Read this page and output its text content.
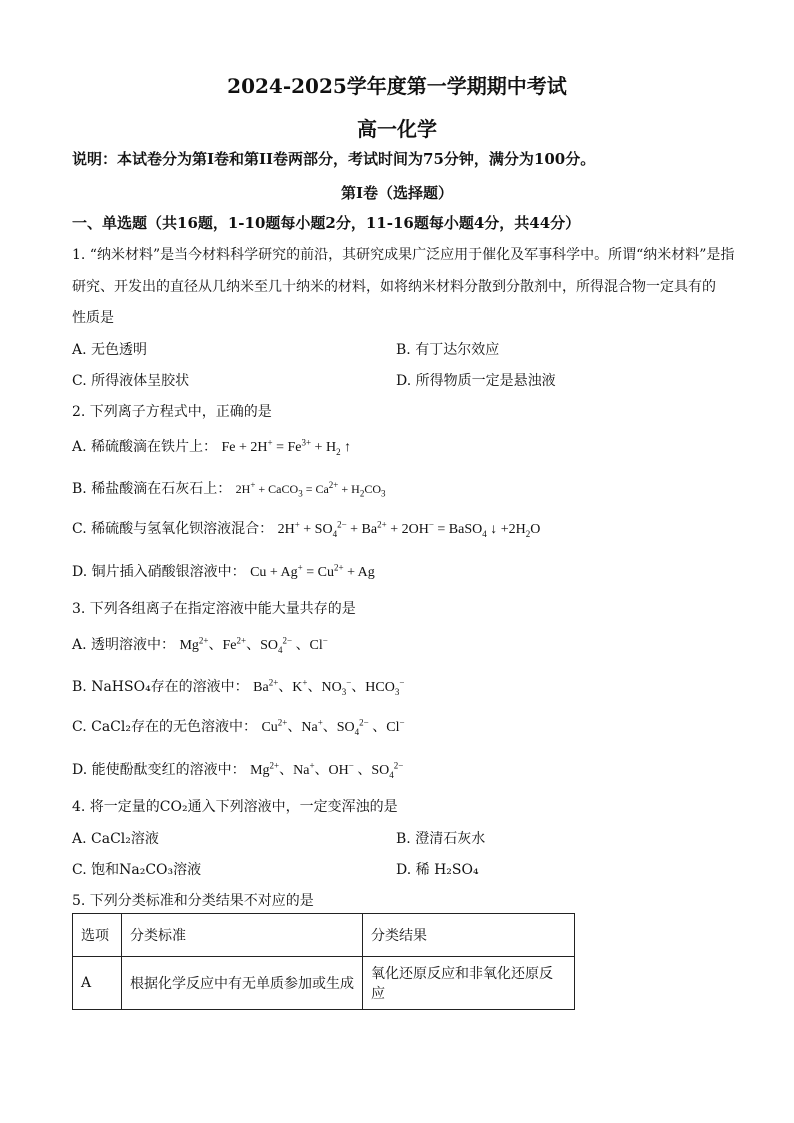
2024-2025学年度第一学期期中考试
高一化学
说明：本试卷分为第I卷和第II卷两部分，考试时间为75分钟，满分为100分。
第I卷（选择题）
一、单选题（共16题，1-10题每小题2分，11-16题每小题4分，共44分）
1. “纳米材料”是当今材料科学研究的前沿，其研究成果广泛应用于催化及军事科学中。所谓“纳米材料”是指
研究、开发出的直径从几纳米至几十纳米的材料，如将纳米材料分散到分散剂中，所得混合物一定具有的
性质是
A. 无色透明	B. 有丁达尔效应
C. 所得液体呈胶状	D. 所得物质一定是悬浊液
2. 下列离子方程式中，正确的是
A. 稀硫酸滴在铁片上： $Fe + 2H^+ = Fe^{3+} + H_2$ ↑
B. 稀盐酸滴在石灰石上： 2H+ + CaCO$_3$ = $Ca^{2+} + H_2CO_3$
C. 稀硫酸与氢氧化钡溶液混合： $2H^+ + SO_4^{2-} + Ba^{2+} + 2OH^-$ = BaSO$_4$ ↓ $+2H_2O$
D. 铜片插入硝酸银溶液中： $Cu + Ag^+ = Cu^{2+} + Ag$
3. 下列各组离子在指定溶液中能大量共存的是
A. 透明溶液中： $Mg^{2+}$、$Fe^{2+}$、$SO_4^{2-}$ 、Cl−
B. NaHSO₄存在的溶液中： $Ba^{2+}$、K+、$NO_3^-$、$HCO_3^-$
C. CaCl₂存在的无色溶液中： $Cu^{2+}$、Na+、$SO_4^{2-}$ 、Cl−
D. 能使酚酞变红的溶液中： $Mg^{2+}$、Na+、OH− 、$SO_4^{2-}$
4. 将一定量的CO₂通入下列溶液中，一定变浑浊的是
A. CaCl₂溶液	B. 澄清石灰水
C. 饱和Na₂CO₃溶液	D. 稀 H₂SO₄
5. 下列分类标准和分类结果不对应的是
选项	分类标准	分类结果
A	根据化学反应中有无单质参加或生成	氧化还原反应和非氧化还原反应
